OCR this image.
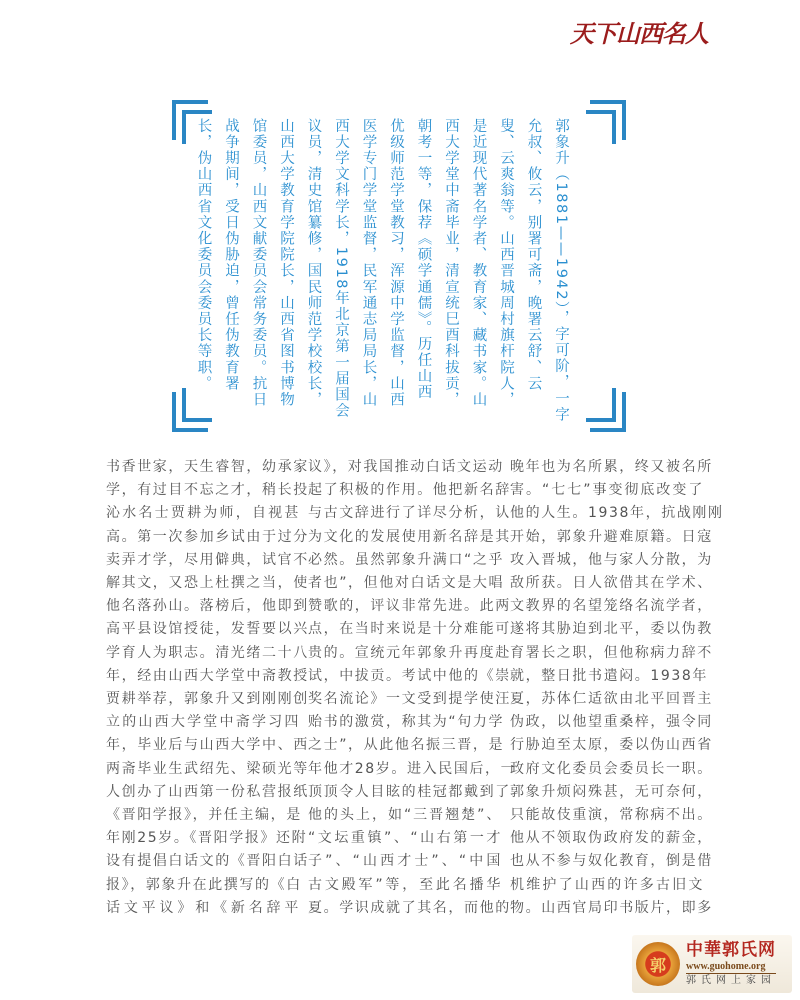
天下山西名人
郭象升（1881——1942），字可阶，一字
允叔、攸云，别署可斋，晚署云舒、云
叟、云爽翁等。山西晋城周村旗杆院人，
是近现代著名学者、教育家、藏书家。山
西大学堂中斋毕业，清宣统巳酉科拔贡，
朝考一等，保荐《硕学通儒》。历任山西
优级师范学堂教习，浑源中学监督，山西
医学专门学堂监督，民军通志局局长，山
西大学文科学长，1918年北京第一届国会
议员，清史馆纂修，国民师范学校校长，
山西大学教育学院院长，山西省图书博物
馆委员，山西文献委员会常务委员。抗日
战争期间，受日伪胁迫，曾任伪教育署
长，伪山西省文化委员会委员长等职。
书香世家，天生睿智，幼承家
学，有过目不忘之才，稍长投
沁水名士贾耕为师，自视甚
高。第一次参加乡试由于过分
卖弄才学，尽用僻典，试官不
解其文，又恐上杜撰之当，使
他名落孙山。落榜后，他即到
高平县设馆授徒，发誓要以兴
学育人为职志。清光绪二十八
年，经由山西大学堂中斋教授
贾耕举荐，郭象升又到刚刚创
立的山西大学堂中斋学习四
年，毕业后与山西大学中、西
两斋毕业生武绍先、梁硕光等
人创办了山西第一份私营报纸
《晋阳学报》，并任主编，是
年刚25岁。《晋阳学报》还附
设有提倡白话文的《晋阳白话
报》，郭象升在此撰写的《白
话文平议》和《新名辞平
议》，对我国推动白话文运动
起了积极的作用。他把新名辞
与古文辞进行了详尽分析，认
为文化的发展使用新名辞是其
必然。虽然郭象升满口“之乎
者也”，但他对白话文是大唱
赞歌的，评议非常先进。此两
点，在当时来说是十分难能可
贵的。宣统元年郭象升再度赴
试，中拔贡。考试中他的《崇
奖名流论》一文受到提学使汪
贻书的激赏，称其为“句力学
之士”，从此他名振三晋，是
年他才28岁。进入民国后，一
顶顶令人目眩的桂冠都戴到了
他的头上，如“三晋翘楚”、
“文坛重镇”、“山右第一才
子”、“山西才士”、“中国
古文殿军”等，至此名播华
夏。学识成就了其名，而他的
晚年也为名所累，终又被名所
害。“七七”事变彻底改变了
他的人生。1938年，抗战刚刚
开始，郭象升避难原籍。日寇
攻入晋城，他与家人分散，为
敌所获。日人欲借其在学术、
文教界的名望笼络名流学者，
遂将其胁迫到北平，委以伪教
育署长之职，但他称病力辞不
就，整日批书遣闷。1938年
夏，苏体仁适欲由北平回晋主
伪政，以他望重桑梓，强令同
行胁迫至太原，委以伪山西省
政府文化委员会委员长一职。
郭象升烦闷殊甚，无可奈何，
只能故伎重演，常称病不出。
他从不领取伪政府发的薪金，
也从不参与奴化教育，倒是借
机维护了山西的许多古旧文
物。山西官局印书版片，即多
郭
中華郭氏网
www.guohome.org
郭氏网上家园
